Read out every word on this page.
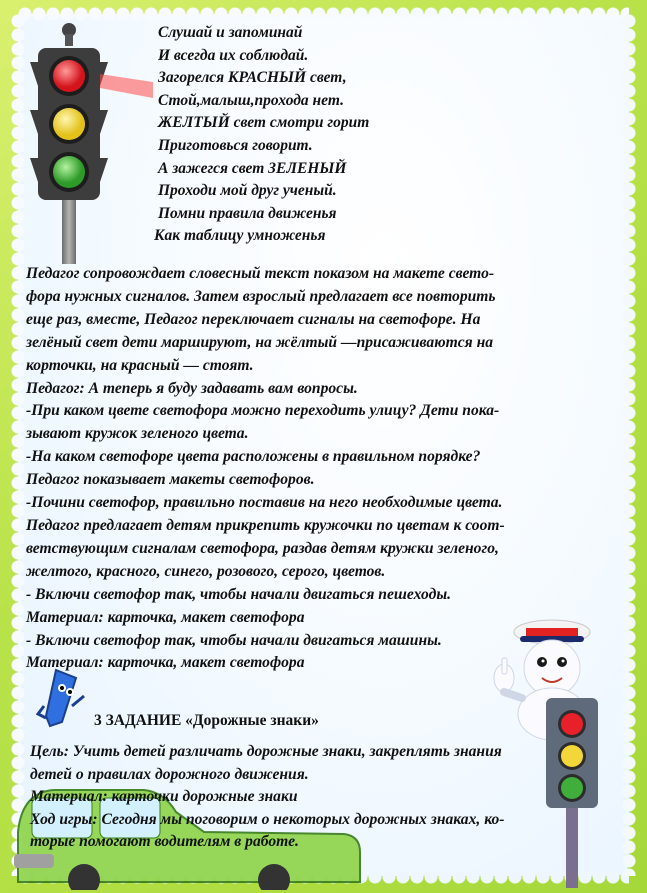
Слушай и запоминай
И всегда их соблюдай.
Загорелся КРАСНЫЙ свет,
Стой,малыш,прохода нет.
ЖЕЛТЫЙ свет смотри горит
Приготовься говорит.
А зажегся свет ЗЕЛЕНЫЙ
Проходи мой друг ученый.
Помни правила движенья
Как таблицу умноженья
Педагог сопровождает словесный текст показом на макете свето-
фора нужных сигналов. Затем взрослый предлагает все повторить
еще раз, вместе, Педагог переключает сигналы на светофоре. На
зелёный свет дети маршируют, на жёлтый —присаживаются на
корточки, на красный — стоят.
Педагог: А теперь я буду задавать вам вопросы.
-При каком цвете светофора можно переходить улицу? Дети пока-
зывают кружок зеленого цвета.
-На каком светофоре цвета расположены в правильном порядке?
Педагог показывает макеты светофоров.
-Почини светофор, правильно поставив на него необходимые цвета.
Педагог предлагает детям прикрепить кружочки по цветам к соот-
ветствующим сигналам светофора, раздав детям кружки зеленого,
желтого, красного, синего, розового, серого, цветов.
- Включи светофор так, чтобы начали двигаться пешеходы.
Материал: карточка, макет светофора
- Включи светофор так, чтобы начали двигаться машины.
Материал: карточка, макет светофора
3 ЗАДАНИЕ «Дорожные знаки»
Цель: Учить детей различать дорожные знаки, закреплять знания
детей о правилах дорожного движения.
Материал: карточки дорожные знаки
Ход игры: Сегодня мы поговорим о некоторых дорожных знаках, ко-
торые помогают водителям в работе.
